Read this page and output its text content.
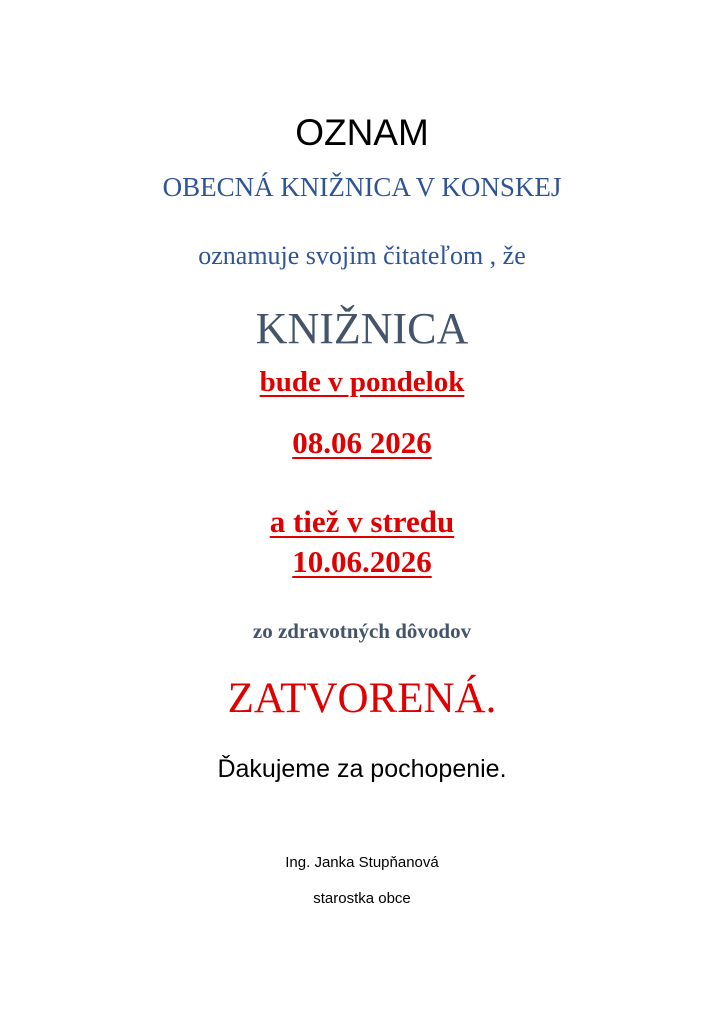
OZNAM
OBECNÁ KNIŽNICA V KONSKEJ
oznamuje svojim čitateľom , že
KNIŽNICA
bude v pondelok
08.06 2026
a tiež v stredu
10.06.2026
zo zdravotných dôvodov
ZATVORENÁ.
Ďakujeme za pochopenie.
Ing. Janka Stupňanová
starostka obce
